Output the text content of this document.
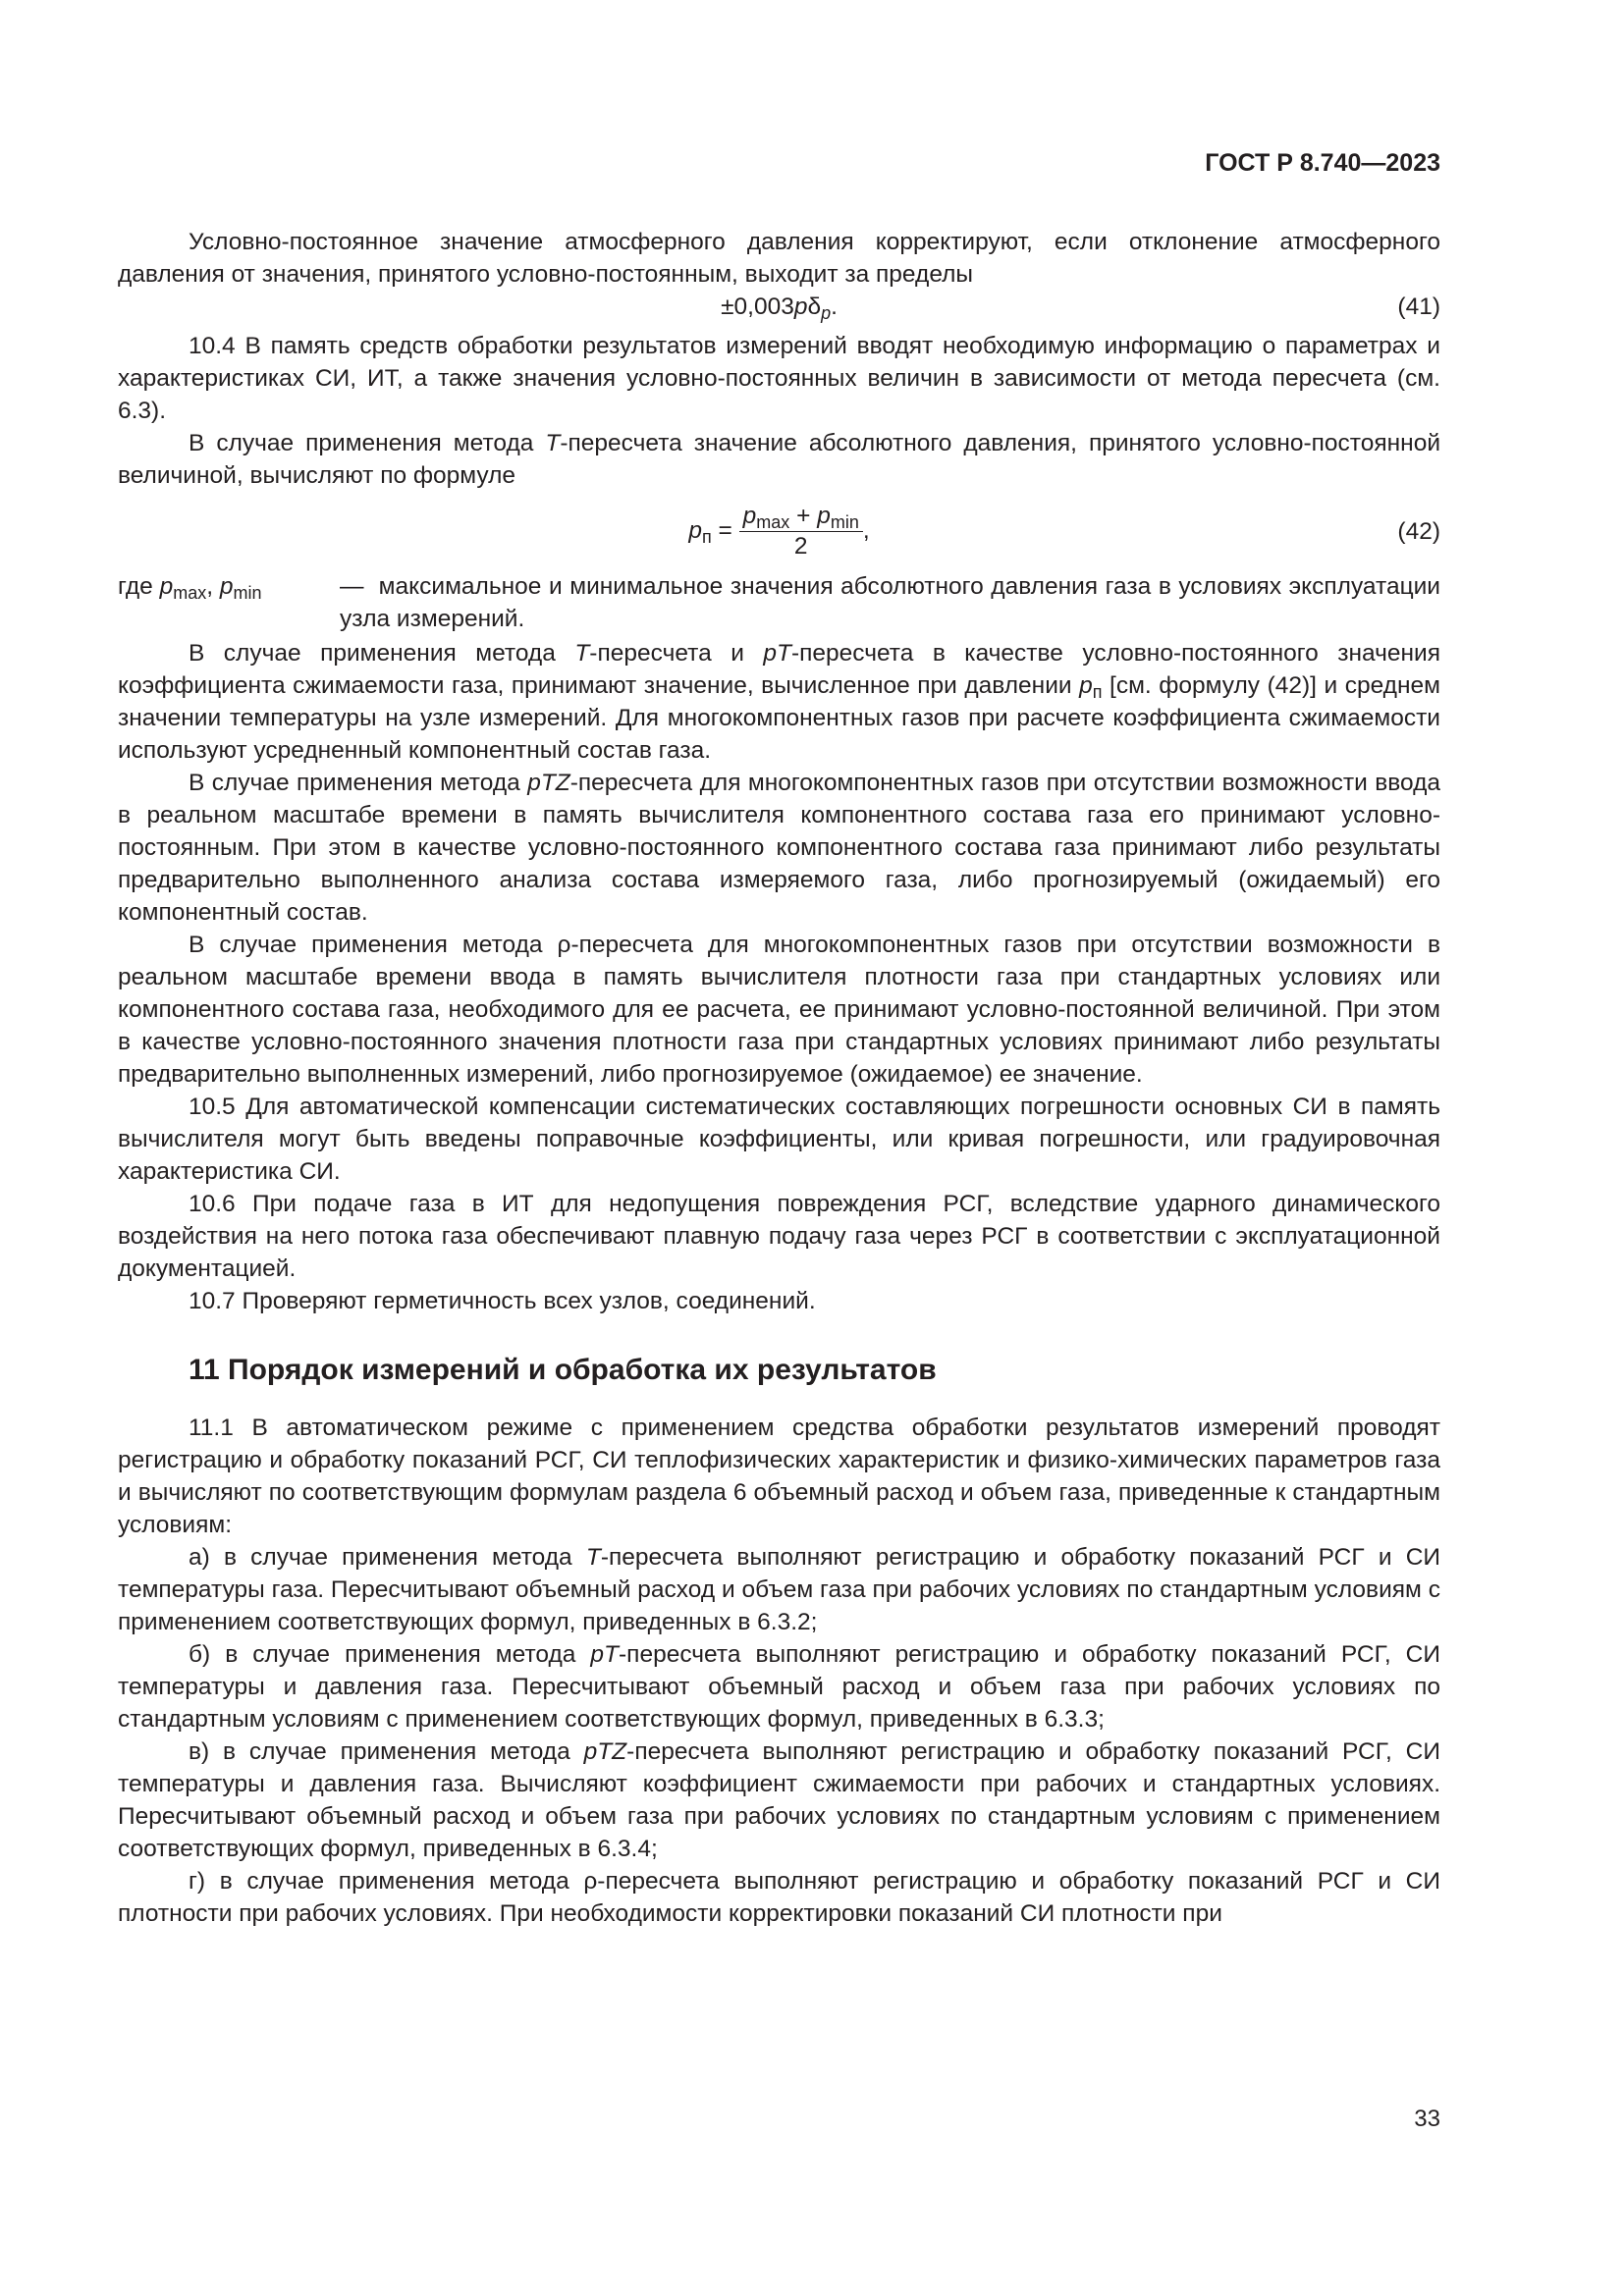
ГОСТ Р 8.740—2023

Условно-постоянное значение атмосферного давления корректируют, если отклонение атмосферного давления от значения, принятого условно-постоянным, выходит за пределы

$\pm 0,003p\delta_p$.	(41)

10.4 В память средств обработки результатов измерений вводят необходимую информацию о параметрах и характеристиках СИ, ИТ, а также значения условно-постоянных величин в зависимости от метода пересчета (см. 6.3).

В случае применения метода T-пересчета значение абсолютного давления, принятого условно-постоянной величиной, вычисляют по формуле

$p_п = \frac{p_{max} + p_{min}}{2}$ ,	(42)
где $p_{max}$, $p_{min}$	— максимальное и минимальное значения абсолютного давления газа в условиях эксплуатации узла измерений.

В случае применения метода T-пересчета и pT-пересчета в качестве условно-постоянного значения коэффициента сжимаемости газа, принимают значение, вычисленное при давлении $p_п$ [см. формулу (42)] и среднем значении температуры на узле измерений. Для многокомпонентных газов при расчете коэффициента сжимаемости используют усредненный компонентный состав газа.

В случае применения метода pTZ-пересчета для многокомпонентных газов при отсутствии возможности ввода в реальном масштабе времени в память вычислителя компонентного состава газа его принимают условно-постоянным. При этом в качестве условно-постоянного компонентного состава газа принимают либо результаты предварительно выполненного анализа состава измеряемого газа, либо прогнозируемый (ожидаемый) его компонентный состав.

В случае применения метода ρ-пересчета для многокомпонентных газов при отсутствии возможности в реальном масштабе времени ввода в память вычислителя плотности газа при стандартных условиях или компонентного состава газа, необходимого для ее расчета, ее принимают условно-постоянной величиной. При этом в качестве условно-постоянного значения плотности газа при стандартных условиях принимают либо результаты предварительно выполненных измерений, либо прогнозируемое (ожидаемое) ее значение.

10.5 Для автоматической компенсации систематических составляющих погрешности основных СИ в память вычислителя могут быть введены поправочные коэффициенты, или кривая погрешности, или градуировочная характеристика СИ.

10.6 При подаче газа в ИТ для недопущения повреждения РСГ, вследствие ударного динамического воздействия на него потока газа обеспечивают плавную подачу газа через РСГ в соответствии с эксплуатационной документацией.

10.7 Проверяют герметичность всех узлов, соединений.

11 Порядок измерений и обработка их результатов

11.1 В автоматическом режиме с применением средства обработки результатов измерений проводят регистрацию и обработку показаний РСГ, СИ теплофизических характеристик и физико-химических параметров газа и вычисляют по соответствующим формулам раздела 6 объемный расход и объем газа, приведенные к стандартным условиям:

а) в случае применения метода T-пересчета выполняют регистрацию и обработку показаний РСГ и СИ температуры газа. Пересчитывают объемный расход и объем газа при рабочих условиях по стандартным условиям с применением соответствующих формул, приведенных в 6.3.2;

б) в случае применения метода pT-пересчета выполняют регистрацию и обработку показаний РСГ, СИ температуры и давления газа. Пересчитывают объемный расход и объем газа при рабочих условиях по стандартным условиям с применением соответствующих формул, приведенных в 6.3.3;

в) в случае применения метода pTZ-пересчета выполняют регистрацию и обработку показаний РСГ, СИ температуры и давления газа. Вычисляют коэффициент сжимаемости при рабочих и стандартных условиях. Пересчитывают объемный расход и объем газа при рабочих условиях по стандартным условиям с применением соответствующих формул, приведенных в 6.3.4;

г) в случае применения метода ρ-пересчета выполняют регистрацию и обработку показаний РСГ и СИ плотности при рабочих условиях. При необходимости корректировки показаний СИ плотности при

33
